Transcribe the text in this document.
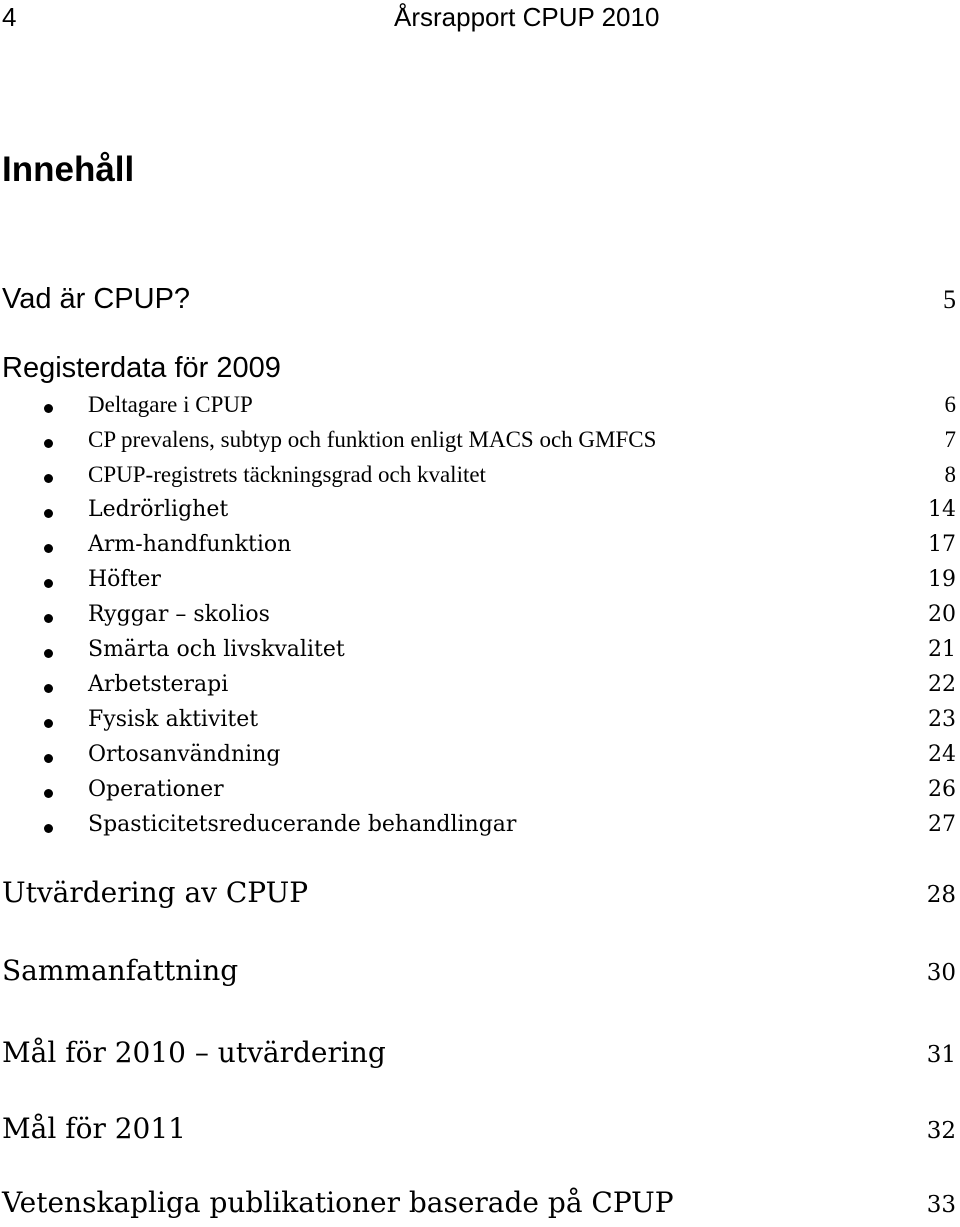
4	Årsrapport CPUP 2010
Innehåll
Vad är CPUP?	5
Registerdata för 2009
Deltagare i CPUP	6
CP prevalens, subtyp och funktion enligt MACS och GMFCS	7
CPUP-registrets täckningsgrad och kvalitet	8
Ledrörlighet	14
Arm-handfunktion	17
Höfter	19
Ryggar – skolios	20
Smärta och livskvalitet	21
Arbetsterapi	22
Fysisk aktivitet	23
Ortosanvändning	24
Operationer	26
Spasticitetsreducerande behandlingar	27
Utvärdering av CPUP	28
Sammanfattning	30
Mål för 2010 – utvärdering	31
Mål för 2011	32
Vetenskapliga publikationer baserade på CPUP	33
